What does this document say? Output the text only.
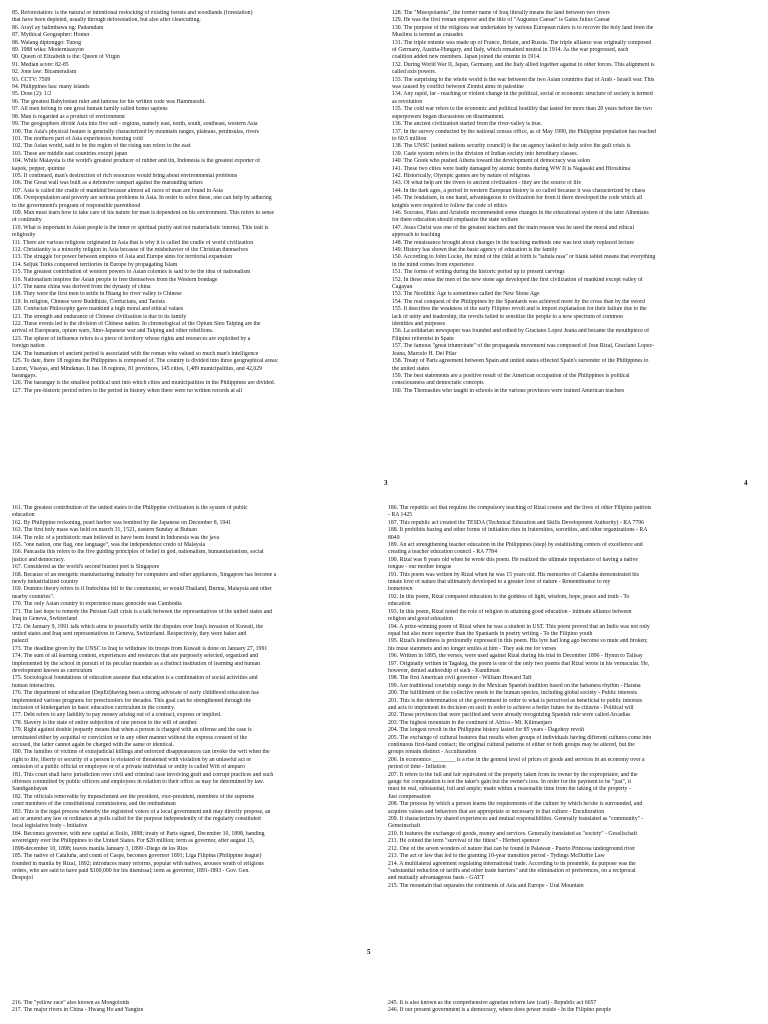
85. Reforestation: is the natural or intentional restocking of existing forests and woodlands (forestation)
that have been depleted, usually through deforestation, but also after clearcutting.
86. Arayl ay halimbawa ng: Padamdam
87. Mythical Geographer: Homer
88. Walang diptonggo: Tunog
89. 1988 wika: Modernisasyon
90. Queen of Elizabeth is the: Queen of Virgin
91. Median score: 82-85
92. Jone law: Bicameralism
93. CCTV: 7509
94. Philippines has: many islands
95. Dose (2): 1/2
96. The greatest Babylonian ruler and famous for his written code was Hammurabi.
97. All men belong to one great human family called homo sapiens
98. Man is regarded as a product of environment
99. The geographers divide Asia into five sub - regions, namely east, north, south, southeast, western Asia
100. The Asia's physical feature is generally characterized by mountain ranges, plateaus, peninsulas, rivers
101. The northern part of Asia experiences freezing cold
102. The Asian world, said to be the region of the rising sun refers to the east
103. These are middle east countries except japan
104. While Malaysia is the world's greatest producer of rubber and tin, Indonesia is the greatest exporter of
kapok, pepper, quinine
105. If continued, man's destruction of rich resources would bring about environmental problems
106. The Great wall was built as a defensive rampart against the marauding tartars
107. Asia is called the cradle of mankind because almost all races of man are found in Asia
108. Overpopulation and poverty are serious problems in Asia. In order to solve these, one can help by adhering
to the government's program of responsible parenthood
109. Man must learn how to take care of his nature for man is dependent on his environment. This refers to sense
of continuity
110. What is important to Asian people is the inner or spiritual purity and not materialistic interest. This trait is
religiosity
111. There are various religions originated in Asia that is why it is called the cradle of world civilization
112. Christianity is a minority religion in Asia because of the misbehavior of the Christian themselves
113. The struggle for power between empires of Asia and Europe aims for territorial expansion
114. Seljuk Turks conquered territories in Europe by propagating Islam
115. The greatest contribution of western powers to Asian colonies is said to be the idea of nationalism
116. Nationalism inspires the Asian people to free themselves from the Western bondage
117. The name china was derived from the dynasty of china
118. They were the first men to settle in Huang ho river valley is Chinese
119. In religion, Chinese were Buddhists, Confucians, and Taoists
120. Confucian Philosophy gave mankind a high moral and ethical values
121. The strength and endurance of Chinese civilization is due to its family
122. These events led to the division of Chinese nation. In chronological of the Opium Sino Taiping are the
arrival of Europeans, opium wars, Sino-Japanese war and Taiping and other rebellions.
123. The sphere of influence refers to a piece of territory whose rights and resources are exploited by a
foreign nation
124. The humanism of ancient period is associated with the roman who valued so much man's intelligence
125. To date, there 18 regions the Philippines is composed of. The country is divided into three geographical areas:
Luzon, Visayas, and Mindanao. It has 18 regions, 81 provinces, 145 cities, 1,489 municipalities, and 42,029
barangays.
126. The barangay is the smallest political unit into which cities and municipalities in the Philippines are divided.
127. The pre-historic period refers to the period in history when there were no written records at all
128. The "Mesopotamia", the former name of Iraq literally means the land between two rivers
129. He was the first roman emperor and the title of "Augustus Caesar" is Gaius Julius Caesar
130. The purpose of the religious war undertaken by various European rulers is to recover the holy land from the
Muslims is termed as crusades
131. The triple entente was made up of France, Britain, and Russia. The triple alliance was originally composed
of Germany, Austria-Hungary, and Italy, which remained neutral in 1914. As the war progressed, each
coalition added new members. Japan joined the entente in 1914.
132. During World War II, Japan, Germany, and the Italy allied together against to other forces. This alignment is
called axis powers.
133. The surprising to the whole world is the war between the two Asian countries that of Arab - Israeli war. This
was caused by conflict between Zionist aims in palestine
134. Any rapid, far - reaching or violent change in the political, social or economic structure of society is termed
as revolution
135. The cold war refers to the economic and political hostility that lasted for more than 20 years before the two
superpowers began discussions on disarmament.
136. The ancient civilization started from the river-valley is true.
137. In the survey conducted by the national census office, as of May 1990, the Philippine population has reached
to 60.5 million
138. The UNSC (united nations security council) is the un agency tasked to help solve the gulf crisis is
139. Caste system refers to the division of Indian society into hereditary classes.
140. The Greek who pushed Athens toward the development of democracy was solon
141. These two cities were badly damaged by atomic bombs during WW II is Nagasaki and Hiroshima
142. Historically, Olympic games are by nature of religious
143. Of what help are the rivers to ancient civilization - they are the source of life
144. In the dark ages, a period in western European history is so called because it was characterized by chaos
145. The feudalism, in one hand, advantageous to civilization for from it there developed the code which all
knights were required to follow the code of ethics
146. Socrates, Plato and Aristotle recommended some changes in the educational system of the later Athenians
for them education should emphasize the state welfare
147. Jesus Christ was one of the greatest teachers and the main reason was he used the moral and ethical
approach to teaching
148. The renaissance brought about changes in the teaching methods one was text study replaced lecture
149. History has shown that the basic agency of education is the family
150. According to John Locke, the mind of the child at birth is "tabula rasa" or blank tablet means that everything
in the mind comes from experience
151. The forms of writing during the historic period up to present carvings
152. In these areas the men of the new stone age developed the first civilization of mankind except valley of
Cagayan
153. The Neolithic Age is sometimes called the New Stone Age
154. The real conquest of the Philippines by the Spaniards was achieved more by the cross than by the sword
155. It describes the weakness of the early Filipino revolt and is import explanation for their failure due to the
lack of unity and leadership, the revolts failed to sensitize the people to a new spectrum of common
identities and purposes
156. La solidarian newspaper was founded and edited by Graciano Lopez Jeana and became the mouthpiece of
Filipino reformist in Spain
157. The famous "great triumvirate" of the propaganda movement was composed of Jose Rizal, Graciano Lopez-
Jeana, Marcelo H. Del Pilar
158. Treaty of Paris agreement between Spain and united states effected Spain's surrender of the Philippines to
the united states
159. The best statements are a positive result of the American occupation of the Philippines is political
consciousness and democratic concepts
160. The Thomasites who taught in schools in the various provinces were trained American teachers
3	4
161. The greatest contribution of the united states to the Philippine civilization is the system of public
education
162. By Philippine reckoning, pearl harbor was bombed by the Japanese on December 8, 1941
163. The first holy mass was held on march 31, 1521, eastern Sunday at Butuan
164. The relic of a prehistoric man believed to have been found in Indonesia was the java
165. "one nation, one flag, one language", was the independence credo of Malaysia
166. Pancasila this refers to the five guiding principles of belief in god, nationalism, humanitarianism, social
justice and democracy.
167. Considered as the world's second busiest port is Singapore
168. Because of an energetic manufacturing industry for computers and other appliances, Singapore has become a
newly industrialized country
169. Domino theory refers to if Indochina fell to the communist, so would Thailand, Burma, Malaysia and other
nearby countries".
170. The only Asian country to experience mass genocide was Cambodia
171. The last hope to remedy the Persian Gulf crisis is a talk between the representatives of the united states and
Iraq in Geneva, Switzerland
172. On January 9, 1991 talk which aims to peacefully settle the disputes over Iraq's invasion of Kuwait, the
united states and Iraq sent representatives to Geneva, Switzerland. Respectively, they were baker and
palazzi
173. The deadline given by the UNSC to Iraq to withdraw its troops from Kuwait is done on January 27, 1991
174. The sum of all learning content, experiences and resources that are purposely selected, organized and
implemented by the school in pursuit of its peculiar mandate as a distinct institution of learning and human
development known as curriculum
175. Sociological foundations of education assume that education is a combination of social activities and
human interaction.
176. The department of education (DepEd)having been a strong advocate of early childhood education has
implemented various programs for preschoolers for decades. This goal can be strengthened through the
inclusion of kindergarten in basic education curriculum in the country.
177. Debt refers to any liability to pay money arising out of a contract, express or implied.
178. Slavery is the state of entire subjection of one person to the will of another.
179. Right against double jeopardy means that when a person is charged with an offense and the case is
terminated either by acquittal or conviction or in any other manner without the express consent of the
accused, the latter cannot again be charged with the same or identical.
180. The families of victims of extrajudicial killings and enforced disappearances can invoke the writ when the
right to life, liberty or security of a person is violated or threatened with violation by an unlawful act or
omission of a public official or employee or of a private individual or entity is called Writ of amparo
181. This court shall have jurisdiction over civil and criminal case involving graft and corrupt practices and such
offenses committed by public officers and employees in relation to their office as may be determined by law.
Sandiganbayan
182. The officials removable by impeachment are the president, vice-president, members of the supreme
court members of the constitutional commissions, and the ombudsman
183. This is the legal process whereby the registered voters of a local government unit may directly propose, an
act or amend any law or ordinance at polls called for the purpose independently of the regularly constituted
local legislative body - Initiative
184. Becomes governor, with new capital at Iloilo, 1898; treaty of Paris signed, December 10, 1898, handing
sovereignty over the Philippines to the United States. For $20 million; term as governor, after august 13,
1898-december 10, 1898; leaves manila January 3, 1899 -Diego de los Rios
185. The native of Cataluña, and count of Caspe, becomes governor 1891; Liga Filipina (Philippine league)
founded in manila by Rizal, 1892; introduces many reforms, popular with natives, arouses wrath of religious
orders, who are said to have paid $100,000 for his dismissal; term as governor, 1891-1893 - Gov. Gen.
Despujol
186. The republic act that requires the compulsory teaching of Rizal course and the lives of other Filipino patriots
- RA 1425
187. This republic act created the TESDA (Technical Education and Skills Development Authority) - RA 7796
188. It prohibits hazing and other forms of initiation rites in fraternities, sororities, and other organizations - RA
8049
189. An act strengthening teacher education in the Philippines (step) by establishing centers of excellence and
creating a teacher education council - RA 7784
190. Rizal was 8 years old when he wrote this poem. He realized the ultimate importance of having a native
tongue - our mother tongue
191. This poem was written by Rizal when he was 15 years old. His memories of Calamba demonstrated his
innate love of nature that ultimately developed to a greater love of nature - Remembrance to my
hometown
192. In this poem, Rizal compared education to the goddess of light, wisdom, hope, peace and truth - To
education
193. In this poem, Rizal noted the role of religion in attaining good education - intimate alliance between
religion and good education
194. A prize-winning poem of Rizal when he was a student in UST. This poem proved that an Indio was not only
equal but also more superior than the Spaniards in poetry writing - To the Filipino youth
195. Rizal's loneliness is profoundly expressed in this poem. His lyre had long ago become so mute and broken;
his muse stammers and no longer smiles at him - They ask me for verses
196. Written in 1895, the verses, were used against Rizal during his trial in December 1896 - Hymn to Talisay
197. Originally written in Tagalog, the poem is one of the only two poems that Rizal wrote in his vernacular. He,
however, denied authorship of such - Kundiman
198. The first American civil governor - William Howard Taft
199. Are traditional courtship songs in the Mexican Spanish tradition based on the habanera rhythm - Harana
200. The fulfillment of the collective needs to the human species, including global society - Public interests
201. This is the determination of the government in order to what is perceived as beneficial to public interests
and acts to implement its decision on such in order to achieve a better future for its citizens - Political will
202. Those provinces that were pacified and were already recognizing Spanish rule were called Arcadias
203. The highest mountain in the continent of Africa - Mt. Kilimanjaro
204. The longest revolt in the Philippine history lasted for 85 years - Dagohoy revolt
205. The exchange of cultural features that results when groups of individuals having different cultures come into
continuous first-hand contact; the original cultural patterns of either or both groups may be altered, but the
groups remain distinct - Acculturation
206. In economics ________ is a rise in the general level of prices of goods and services in an economy over a
period of time - Inflation
207. It refers to the full and fair equivalent of the property taken from its owner by the expropriator, and the
gauge for computation is not the taker's gain but the owner's loss. In order for the payment to be "just", it
must be real, substantial, full and ample; made within a reasonable time from the taking of the property -
Just compensation
208. The process by which a person learns the requirements of the culture by which he/she is surrounded, and
acquires values and behaviors that are appropriate or necessary in that culture - Enculturation
209. It characterizes by shared experiences and mutual responsibilities. Generally translated as "community" -
Gemeinschaft
210. It features the exchange of goods, money and services. Generally translated as "society" - Gesellschaft
211. He coined the term "survival of the fittest" - Herbert spencer
212. One of the seven wonders of nature that can be found in Palawan - Puerto Princesa underground river
213. The act or law that led to the granting 10-year transition period - Tydings McDuffie Law
214. A multilateral agreement regulating international trade. According to its preamble, its purpose was the
"substantial reduction of tariffs and other trade barriers" and the elimination of preferences, on a reciprocal
and mutually advantageous basis - GATT
215. The mountain that separates the continents of Asia and Europe - Ural Mountain
5
216. The "yellow race" also known as Mongoloids
217. The major rivers in China - Hwang Ho and Yangtze
245. It is also known as the comprehensive agrarian reform law (carl) - Republic act 6657
246. If our present government is a democracy, where does power reside - In the Filipino people
